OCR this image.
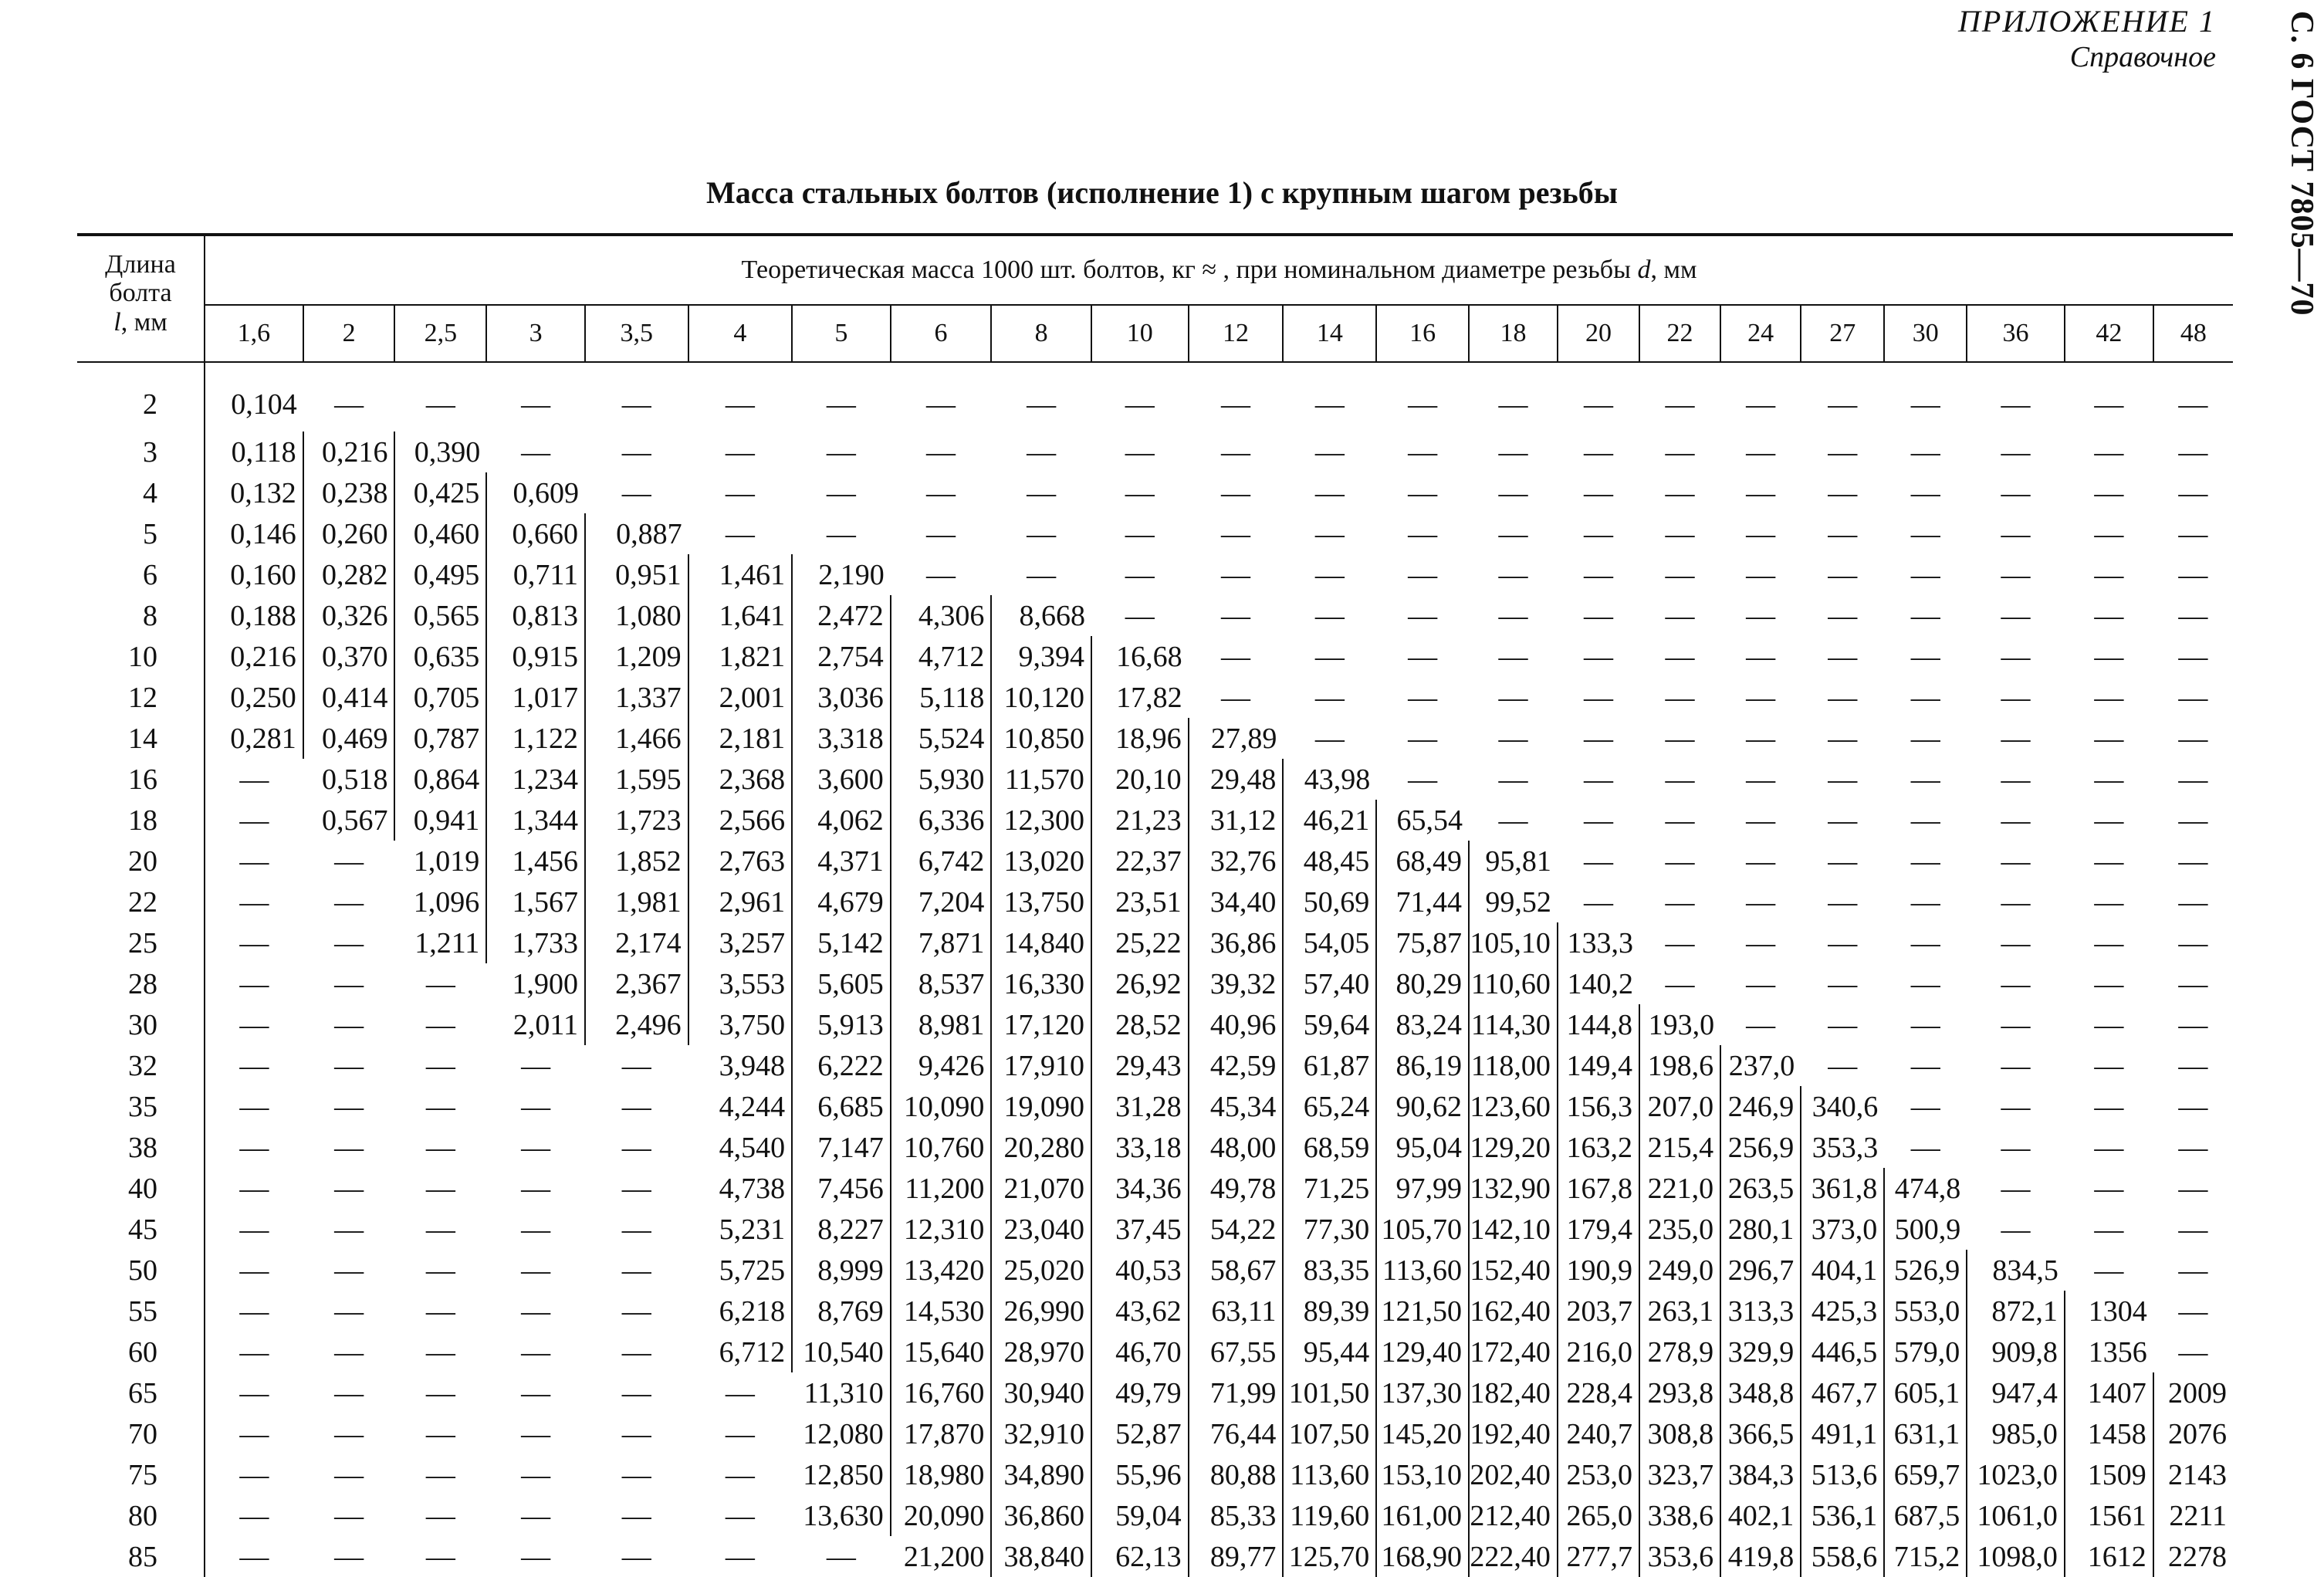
ПРИЛОЖЕНИЕ 1
Справочное С. 6 ГОСТ 7805—70
Масса стальных болтов (исполнение 1) с крупным шагом резьбы
Длина
болта
l, мм	Теоретическая масса 1000 шт. болтов, кг ≈ , при номинальном диаметре резьбы d, мм																					
	1,6	2	2,5	3	3,5	4	5	6	8	10	12	14	16	18	20	22	24	27	30	36	42	48
2	0,104	—	—	—	—	—	—	—	—	—	—	—	—	—	—	—	—	—	—	—	—	—
3	0,118	0,216	0,390	—	—	—	—	—	—	—	—	—	—	—	—	—	—	—	—	—	—	—
4	0,132	0,238	0,425	0,609	—	—	—	—	—	—	—	—	—	—	—	—	—	—	—	—	—	—
5	0,146	0,260	0,460	0,660	0,887	—	—	—	—	—	—	—	—	—	—	—	—	—	—	—	—	—
6	0,160	0,282	0,495	0,711	0,951	1,461	2,190	—	—	—	—	—	—	—	—	—	—	—	—	—	—	—
8	0,188	0,326	0,565	0,813	1,080	1,641	2,472	4,306	8,668	—	—	—	—	—	—	—	—	—	—	—	—	—
10	0,216	0,370	0,635	0,915	1,209	1,821	2,754	4,712	9,394	16,68	—	—	—	—	—	—	—	—	—	—	—	—
12	0,250	0,414	0,705	1,017	1,337	2,001	3,036	5,118	10,120	17,82	—	—	—	—	—	—	—	—	—	—	—	—
14	0,281	0,469	0,787	1,122	1,466	2,181	3,318	5,524	10,850	18,96	27,89	—	—	—	—	—	—	—	—	—	—	—
16	—	0,518	0,864	1,234	1,595	2,368	3,600	5,930	11,570	20,10	29,48	43,98	—	—	—	—	—	—	—	—	—	—
18	—	0,567	0,941	1,344	1,723	2,566	4,062	6,336	12,300	21,23	31,12	46,21	65,54	—	—	—	—	—	—	—	—	—
20	—	—	1,019	1,456	1,852	2,763	4,371	6,742	13,020	22,37	32,76	48,45	68,49	95,81	—	—	—	—	—	—	—	—
22	—	—	1,096	1,567	1,981	2,961	4,679	7,204	13,750	23,51	34,40	50,69	71,44	99,52	—	—	—	—	—	—	—	—
25	—	—	1,211	1,733	2,174	3,257	5,142	7,871	14,840	25,22	36,86	54,05	75,87	105,10	133,3	—	—	—	—	—	—	—
28	—	—	—	1,900	2,367	3,553	5,605	8,537	16,330	26,92	39,32	57,40	80,29	110,60	140,2	—	—	—	—	—	—	—
30	—	—	—	2,011	2,496	3,750	5,913	8,981	17,120	28,52	40,96	59,64	83,24	114,30	144,8	193,0	—	—	—	—	—	—
32	—	—	—	—	—	3,948	6,222	9,426	17,910	29,43	42,59	61,87	86,19	118,00	149,4	198,6	237,0	—	—	—	—	—
35	—	—	—	—	—	4,244	6,685	10,090	19,090	31,28	45,34	65,24	90,62	123,60	156,3	207,0	246,9	340,6	—	—	—	—
38	—	—	—	—	—	4,540	7,147	10,760	20,280	33,18	48,00	68,59	95,04	129,20	163,2	215,4	256,9	353,3	—	—	—	—
40	—	—	—	—	—	4,738	7,456	11,200	21,070	34,36	49,78	71,25	97,99	132,90	167,8	221,0	263,5	361,8	474,8	—	—	—
45	—	—	—	—	—	5,231	8,227	12,310	23,040	37,45	54,22	77,30	105,70	142,10	179,4	235,0	280,1	373,0	500,9	—	—	—
50	—	—	—	—	—	5,725	8,999	13,420	25,020	40,53	58,67	83,35	113,60	152,40	190,9	249,0	296,7	404,1	526,9	834,5	—	—
55	—	—	—	—	—	6,218	8,769	14,530	26,990	43,62	63,11	89,39	121,50	162,40	203,7	263,1	313,3	425,3	553,0	872,1	1304	—
60	—	—	—	—	—	6,712	10,540	15,640	28,970	46,70	67,55	95,44	129,40	172,40	216,0	278,9	329,9	446,5	579,0	909,8	1356	—
65	—	—	—	—	—	—	11,310	16,760	30,940	49,79	71,99	101,50	137,30	182,40	228,4	293,8	348,8	467,7	605,1	947,4	1407	2009
70	—	—	—	—	—	—	12,080	17,870	32,910	52,87	76,44	107,50	145,20	192,40	240,7	308,8	366,5	491,1	631,1	985,0	1458	2076
75	—	—	—	—	—	—	12,850	18,980	34,890	55,96	80,88	113,60	153,10	202,40	253,0	323,7	384,3	513,6	659,7	1023,0	1509	2143
80	—	—	—	—	—	—	13,630	20,090	36,860	59,04	85,33	119,60	161,00	212,40	265,0	338,6	402,1	536,1	687,5	1061,0	1561	2211
85	—	—	—	—	—	—	—	21,200	38,840	62,13	89,77	125,70	168,90	222,40	277,7	353,6	419,8	558,6	715,2	1098,0	1612	2278
